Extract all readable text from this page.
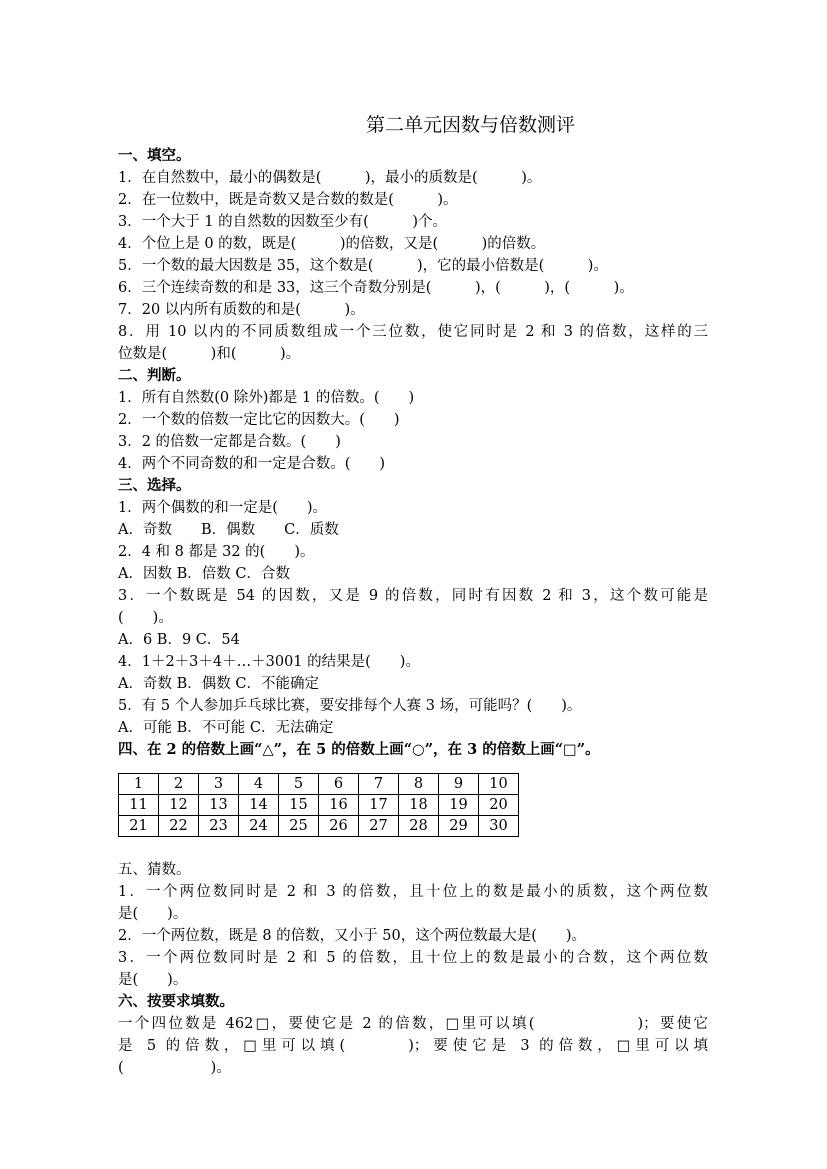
第二单元因数与倍数测评
一、填空。
1．在自然数中，最小的偶数是(　　　)，最小的质数是(　　　)。
2．在一位数中，既是奇数又是合数的数是(　　　)。
3．一个大于 1 的自然数的因数至少有(　　　)个。
4．个位上是 0 的数，既是(　　　)的倍数，又是(　　　)的倍数。
5．一个数的最大因数是 35，这个数是(　　　)，它的最小倍数是(　　　)。
6．三个连续奇数的和是 33，这三个奇数分别是(　　　)，(　　　)，(　　　)。
7．20 以内所有质数的和是(　　　)。
8．用 10 以内的不同质数组成一个三位数，使它同时是 2 和 3 的倍数，这样的三
位数是(　　　)和(　　　)。
二、判断。
1．所有自然数(0 除外)都是 1 的倍数。(　　)
2．一个数的倍数一定比它的因数大。(　　)
3．2 的倍数一定都是合数。(　　)
4．两个不同奇数的和一定是合数。(　　)
三、选择。
1．两个偶数的和一定是(　　)。
A．奇数　　B．偶数　　C．质数
2．4 和 8 都是 32 的(　　)。
A．因数 B．倍数 C．合数
3．一个数既是 54 的因数，又是 9 的倍数，同时有因数 2 和 3，这个数可能是
(　　)。
A．6 B．9 C．54
4．1＋2＋3＋4＋…＋3001 的结果是(　　)。
A．奇数 B．偶数 C．不能确定
5．有 5 个人参加乒乓球比赛，要安排每个人赛 3 场，可能吗？(　　)。
A．可能 B．不可能 C．无法确定
四、在 2 的倍数上画“△”，在 5 的倍数上画“○”，在 3 的倍数上画“□”。
1	2	3	4	5	6	7	8	9	10
11	12	13	14	15	16	17	18	19	20
21	22	23	24	25	26	27	28	29	30
五、猜数。
1．一个两位数同时是 2 和 3 的倍数，且十位上的数是最小的质数，这个两位数
是(　　)。
2．一个两位数，既是 8 的倍数，又小于 50，这个两位数最大是(　　)。
3．一个两位数同时是 2 和 5 的倍数，且十位上的数是最小的合数，这个两位数
是(　　)。
六、按要求填数。
一个四位数是 462□，要使它是 2 的倍数，□里可以填(　　　　　　)；要使它
是 5 的倍数，□里可以填(　　　)；要使它是 3 的倍数，□里可以填
(　　　　　　)。
